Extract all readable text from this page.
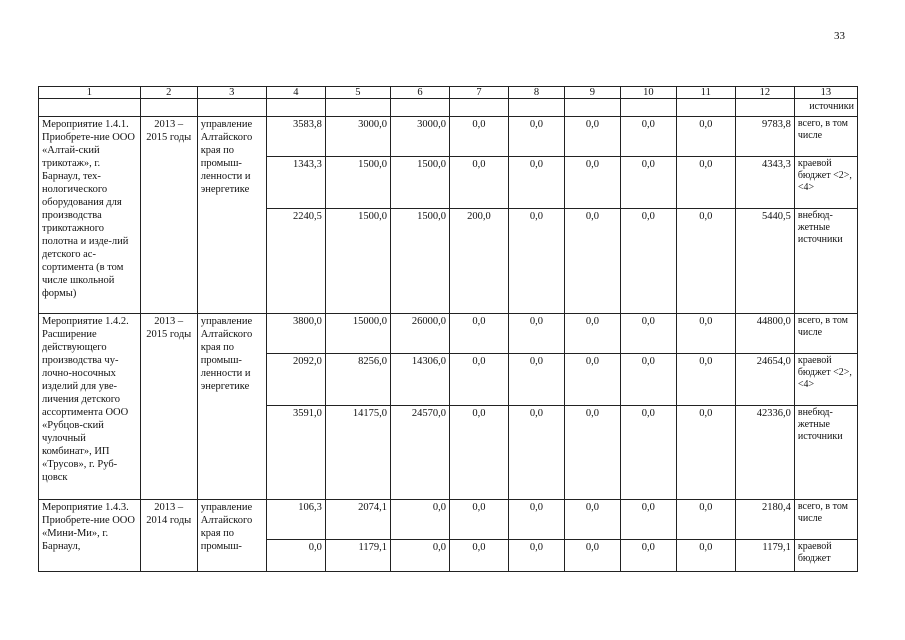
33
1	2	3	4	5	6	7	8	9	10	11	12	13
												источники
Мероприятие 1.4.1. Приобрете-ние ООО «Алтай-ский трикотаж», г. Барнаул, тех-нологического оборудования для производства трикотажного полотна и изде-лий детского ас-сортимента (в том числе школьной формы)	2013 – 2015 годы	управление Алтайского края по промыш-ленности и энергетике	3583,8	3000,0	3000,0	0,0	0,0	0,0	0,0	0,0	9783,8	всего, в том числе
			1343,3	1500,0	1500,0	0,0	0,0	0,0	0,0	0,0	4343,3	краевой бюджет <2>, <4>
			2240,5	1500,0	1500,0	200,0	0,0	0,0	0,0	0,0	5440,5	внебюд-жетные источники
Мероприятие 1.4.2. Расширение действующего производства чу-лочно-носочных изделий для уве-личения детского ассортимента ООО «Рубцов-ский чулочный комбинат», ИП «Трусов», г. Руб-цовск	2013 – 2015 годы	управление Алтайского края по промыш-ленности и энергетике	3800,0	15000,0	26000,0	0,0	0,0	0,0	0,0	0,0	44800,0	всего, в том числе
			2092,0	8256,0	14306,0	0,0	0,0	0,0	0,0	0,0	24654,0	краевой бюджет <2>, <4>
			3591,0	14175,0	24570,0	0,0	0,0	0,0	0,0	0,0	42336,0	внебюд-жетные источники
Мероприятие 1.4.3. Приобрете-ние ООО «Мини-Ми», г. Барнаул,	2013 – 2014 годы	управление Алтайского края по промыш-	106,3	2074,1	0,0	0,0	0,0	0,0	0,0	0,0	2180,4	всего, в том числе
			0,0	1179,1	0,0	0,0	0,0	0,0	0,0	0,0	1179,1	краевой бюджет
